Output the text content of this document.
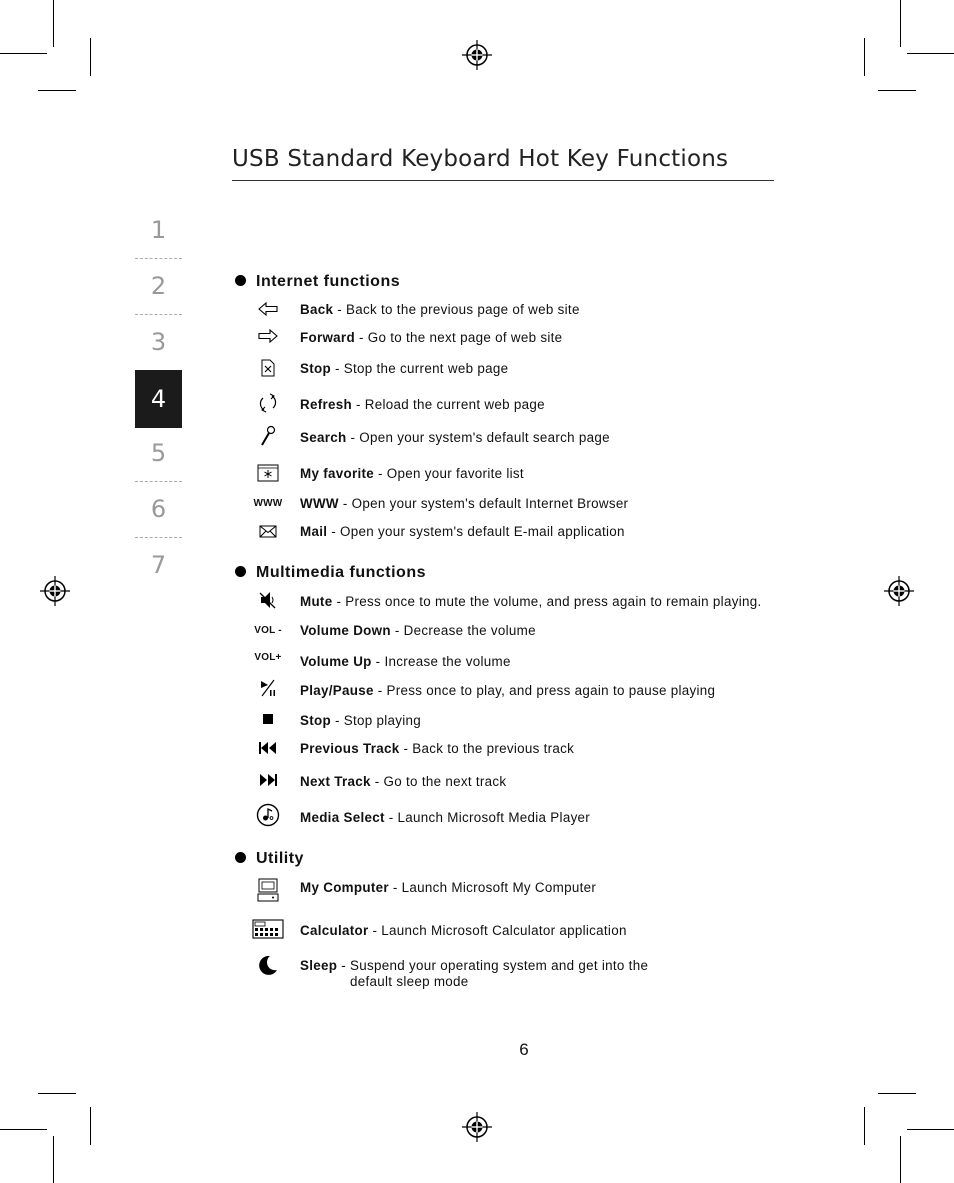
USB Standard Keyboard Hot Key Functions
1
2
3
4
5
6
7
Internet functions
Back - Back to the previous page of web site
Forward - Go to the next page of web site
Stop - Stop the current web page
Refresh - Reload the current web page
Search - Open your system's default search page
My favorite - Open your favorite list
WWW WWW - Open your system's default Internet Browser
Mail - Open your system's default E-mail application
Multimedia functions
Mute - Press once to mute the volume, and press again to remain playing.
VOL -	Volume Down - Decrease the volume
VOL+	Volume Up - Increase the volume
Play/Pause - Press once to play, and press again to pause playing
Stop - Stop playing
Previous Track - Back to the previous track
Next Track - Go to the next track
Media Select - Launch Microsoft Media Player
Utility
My Computer - Launch Microsoft My Computer
Calculator - Launch Microsoft Calculator application
Sleep - Suspend your operating system and get into the
default sleep mode
6
